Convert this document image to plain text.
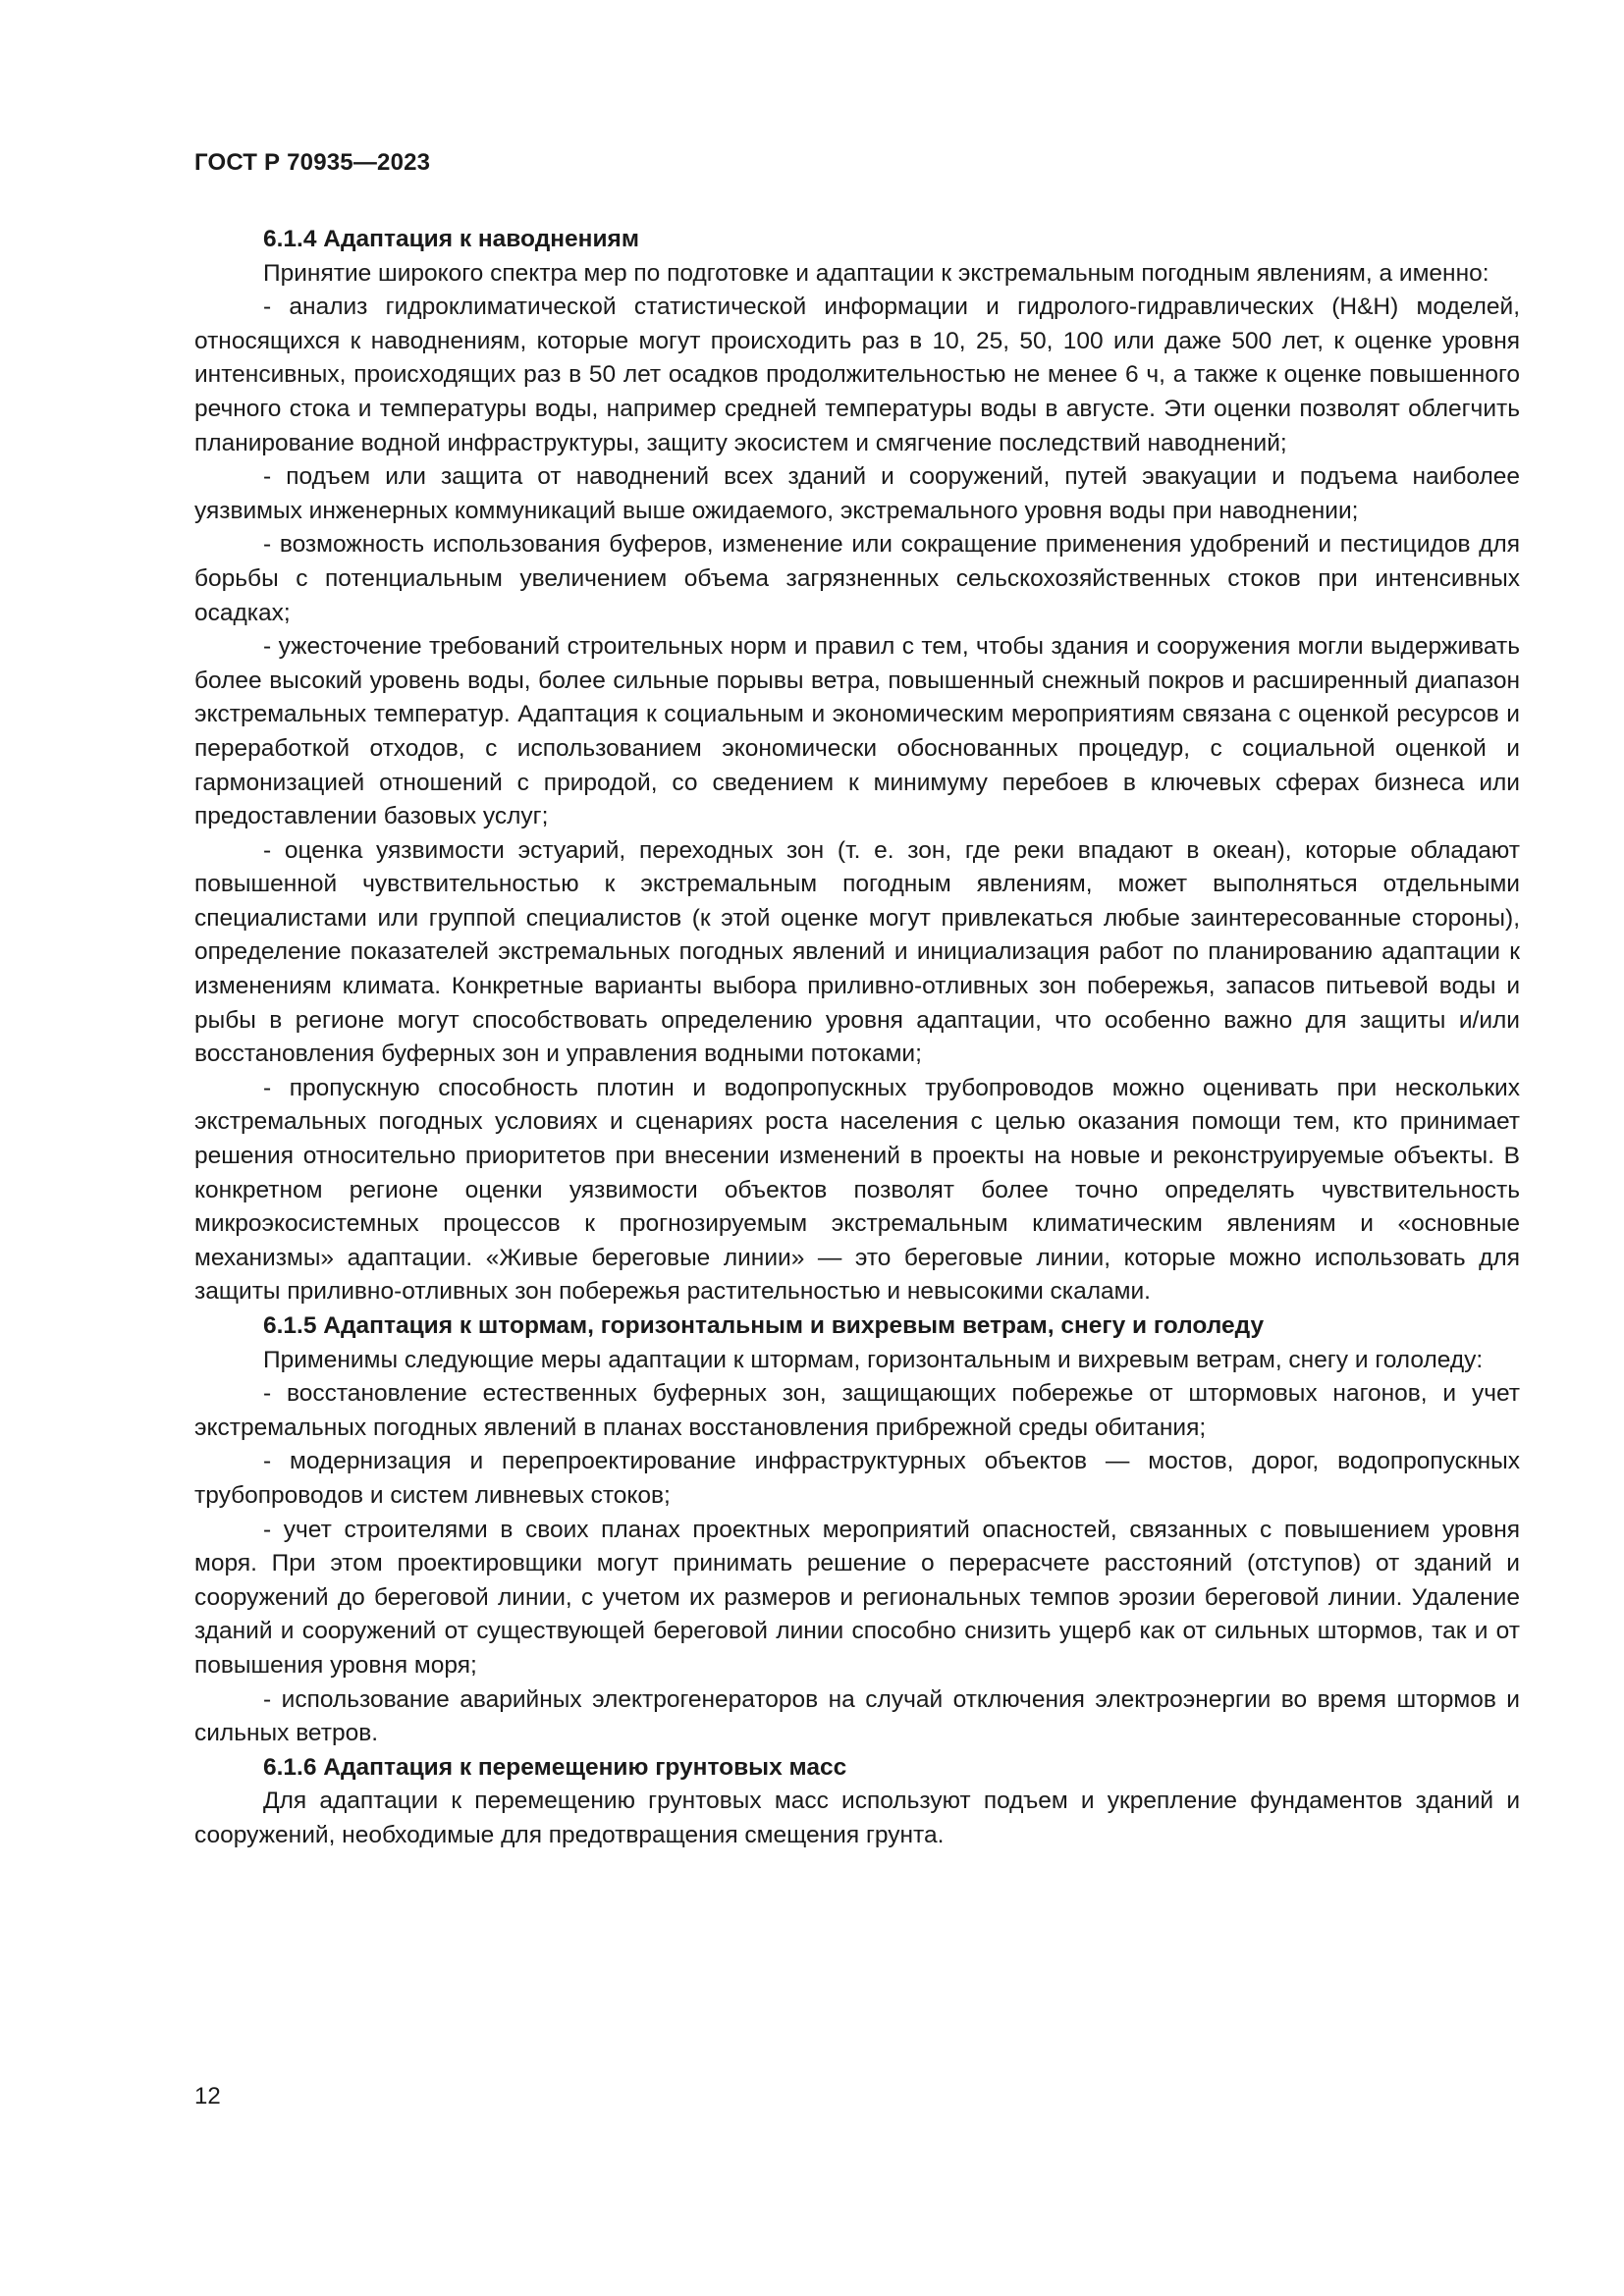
ГОСТ Р 70935—2023
6.1.4 Адаптация к наводнениям

Принятие широкого спектра мер по подготовке и адаптации к экстремальным погодным явлениям, а именно:

- анализ гидроклиматической статистической информации и гидролого-гидравлических (H&H) моделей, относящихся к наводнениям, которые могут происходить раз в 10, 25, 50, 100 или даже 500 лет, к оценке уровня интенсивных, происходящих раз в 50 лет осадков продолжительностью не менее 6 ч, а также к оценке повышенного речного стока и температуры воды, например средней температуры воды в августе. Эти оценки позволят облегчить планирование водной инфраструктуры, защиту экосистем и смягчение последствий наводнений;

- подъем или защита от наводнений всех зданий и сооружений, путей эвакуации и подъема наиболее уязвимых инженерных коммуникаций выше ожидаемого, экстремального уровня воды при наводнении;

- возможность использования буферов, изменение или сокращение применения удобрений и пестицидов для борьбы с потенциальным увеличением объема загрязненных сельскохозяйственных стоков при интенсивных осадках;

- ужесточение требований строительных норм и правил с тем, чтобы здания и сооружения могли выдерживать более высокий уровень воды, более сильные порывы ветра, повышенный снежный покров и расширенный диапазон экстремальных температур. Адаптация к социальным и экономическим мероприятиям связана с оценкой ресурсов и переработкой отходов, с использованием экономически обоснованных процедур, с социальной оценкой и гармонизацией отношений с природой, со сведением к минимуму перебоев в ключевых сферах бизнеса или предоставлении базовых услуг;

- оценка уязвимости эстуарий, переходных зон (т. е. зон, где реки впадают в океан), которые обладают повышенной чувствительностью к экстремальным погодным явлениям, может выполняться отдельными специалистами или группой специалистов (к этой оценке могут привлекаться любые заинтересованные стороны), определение показателей экстремальных погодных явлений и инициализация работ по планированию адаптации к изменениям климата. Конкретные варианты выбора приливно-отливных зон побережья, запасов питьевой воды и рыбы в регионе могут способствовать определению уровня адаптации, что особенно важно для защиты и/или восстановления буферных зон и управления водными потоками;

- пропускную способность плотин и водопропускных трубопроводов можно оценивать при нескольких экстремальных погодных условиях и сценариях роста населения с целью оказания помощи тем, кто принимает решения относительно приоритетов при внесении изменений в проекты на новые и реконструируемые объекты. В конкретном регионе оценки уязвимости объектов позволят более точно определять чувствительность микроэкосистемных процессов к прогнозируемым экстремальным климатическим явлениям и «основные механизмы» адаптации. «Живые береговые линии» — это береговые линии, которые можно использовать для защиты приливно-отливных зон побережья растительностью и невысокими скалами.

6.1.5 Адаптация к штормам, горизонтальным и вихревым ветрам, снегу и гололеду

Применимы следующие меры адаптации к штормам, горизонтальным и вихревым ветрам, снегу и гололеду:

- восстановление естественных буферных зон, защищающих побережье от штормовых нагонов, и учет экстремальных погодных явлений в планах восстановления прибрежной среды обитания;

- модернизация и перепроектирование инфраструктурных объектов — мостов, дорог, водопропускных трубопроводов и систем ливневых стоков;

- учет строителями в своих планах проектных мероприятий опасностей, связанных с повышением уровня моря. При этом проектировщики могут принимать решение о перерасчете расстояний (отступов) от зданий и сооружений до береговой линии, с учетом их размеров и региональных темпов эрозии береговой линии. Удаление зданий и сооружений от существующей береговой линии способно снизить ущерб как от сильных штормов, так и от повышения уровня моря;

- использование аварийных электрогенераторов на случай отключения электроэнергии во время штормов и сильных ветров.

6.1.6 Адаптация к перемещению грунтовых масс

Для адаптации к перемещению грунтовых масс используют подъем и укрепление фундаментов зданий и сооружений, необходимые для предотвращения смещения грунта.

12
